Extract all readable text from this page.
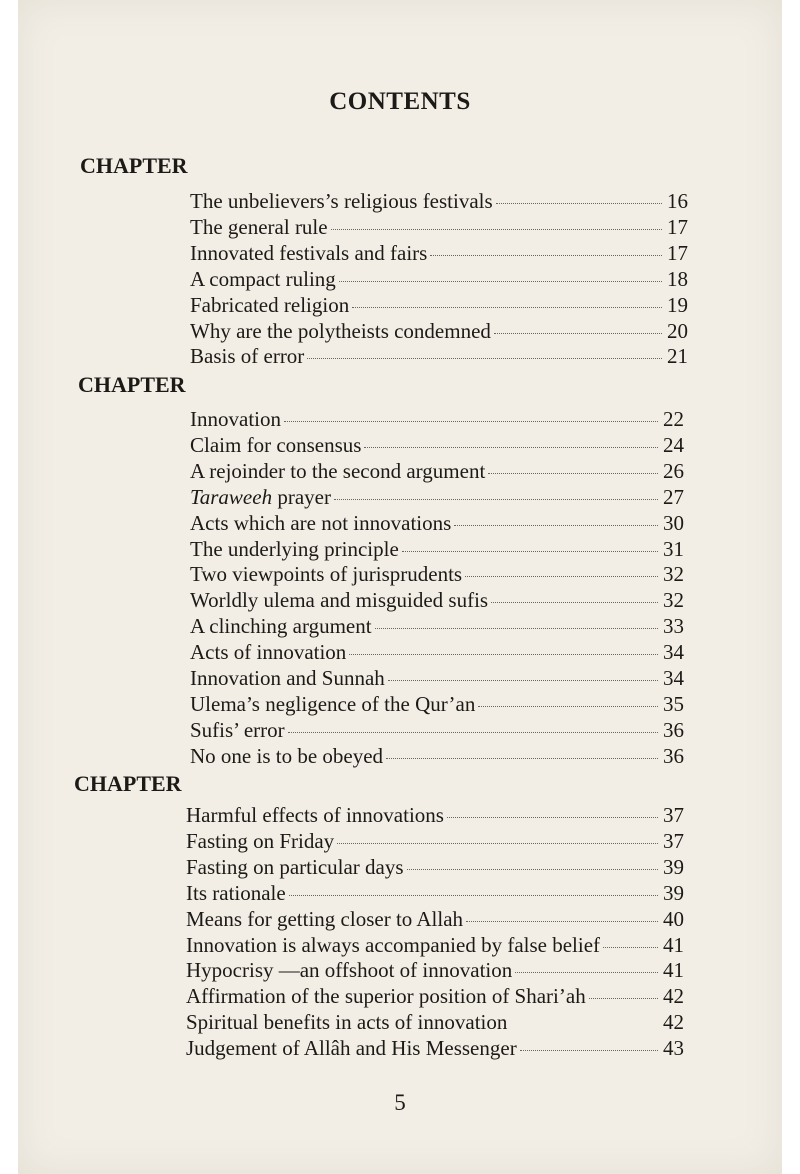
CONTENTS
CHAPTER
The unbelievers’s religious festivals	16
The general rule	17
Innovated festivals and fairs	17
A compact ruling	18
Fabricated religion	19
Why are the polytheists condemned	20
Basis of error	21
CHAPTER
Innovation	22
Claim for consensus	24
A rejoinder to the second argument	26
Taraweeh prayer	27
Acts which are not innovations	30
The underlying principle	31
Two viewpoints of jurisprudents	32
Worldly ulema and misguided sufis	32
A clinching argument	33
Acts of innovation	34
Innovation and Sunnah	34
Ulema’s negligence of the Qur’an	35
Sufis’ error	36
No one is to be obeyed	36
CHAPTER
Harmful effects of innovations	37
Fasting on Friday	37
Fasting on particular days	39
Its rationale	39
Means for getting closer to Allah	40
Innovation is always accompanied by false belief	41
Hypocrisy —an offshoot of innovation	41
Affirmation of the superior position of Shari’ah	42
Spiritual benefits in acts of innovation	42
Judgement of Allâh and His Messenger	43
5
